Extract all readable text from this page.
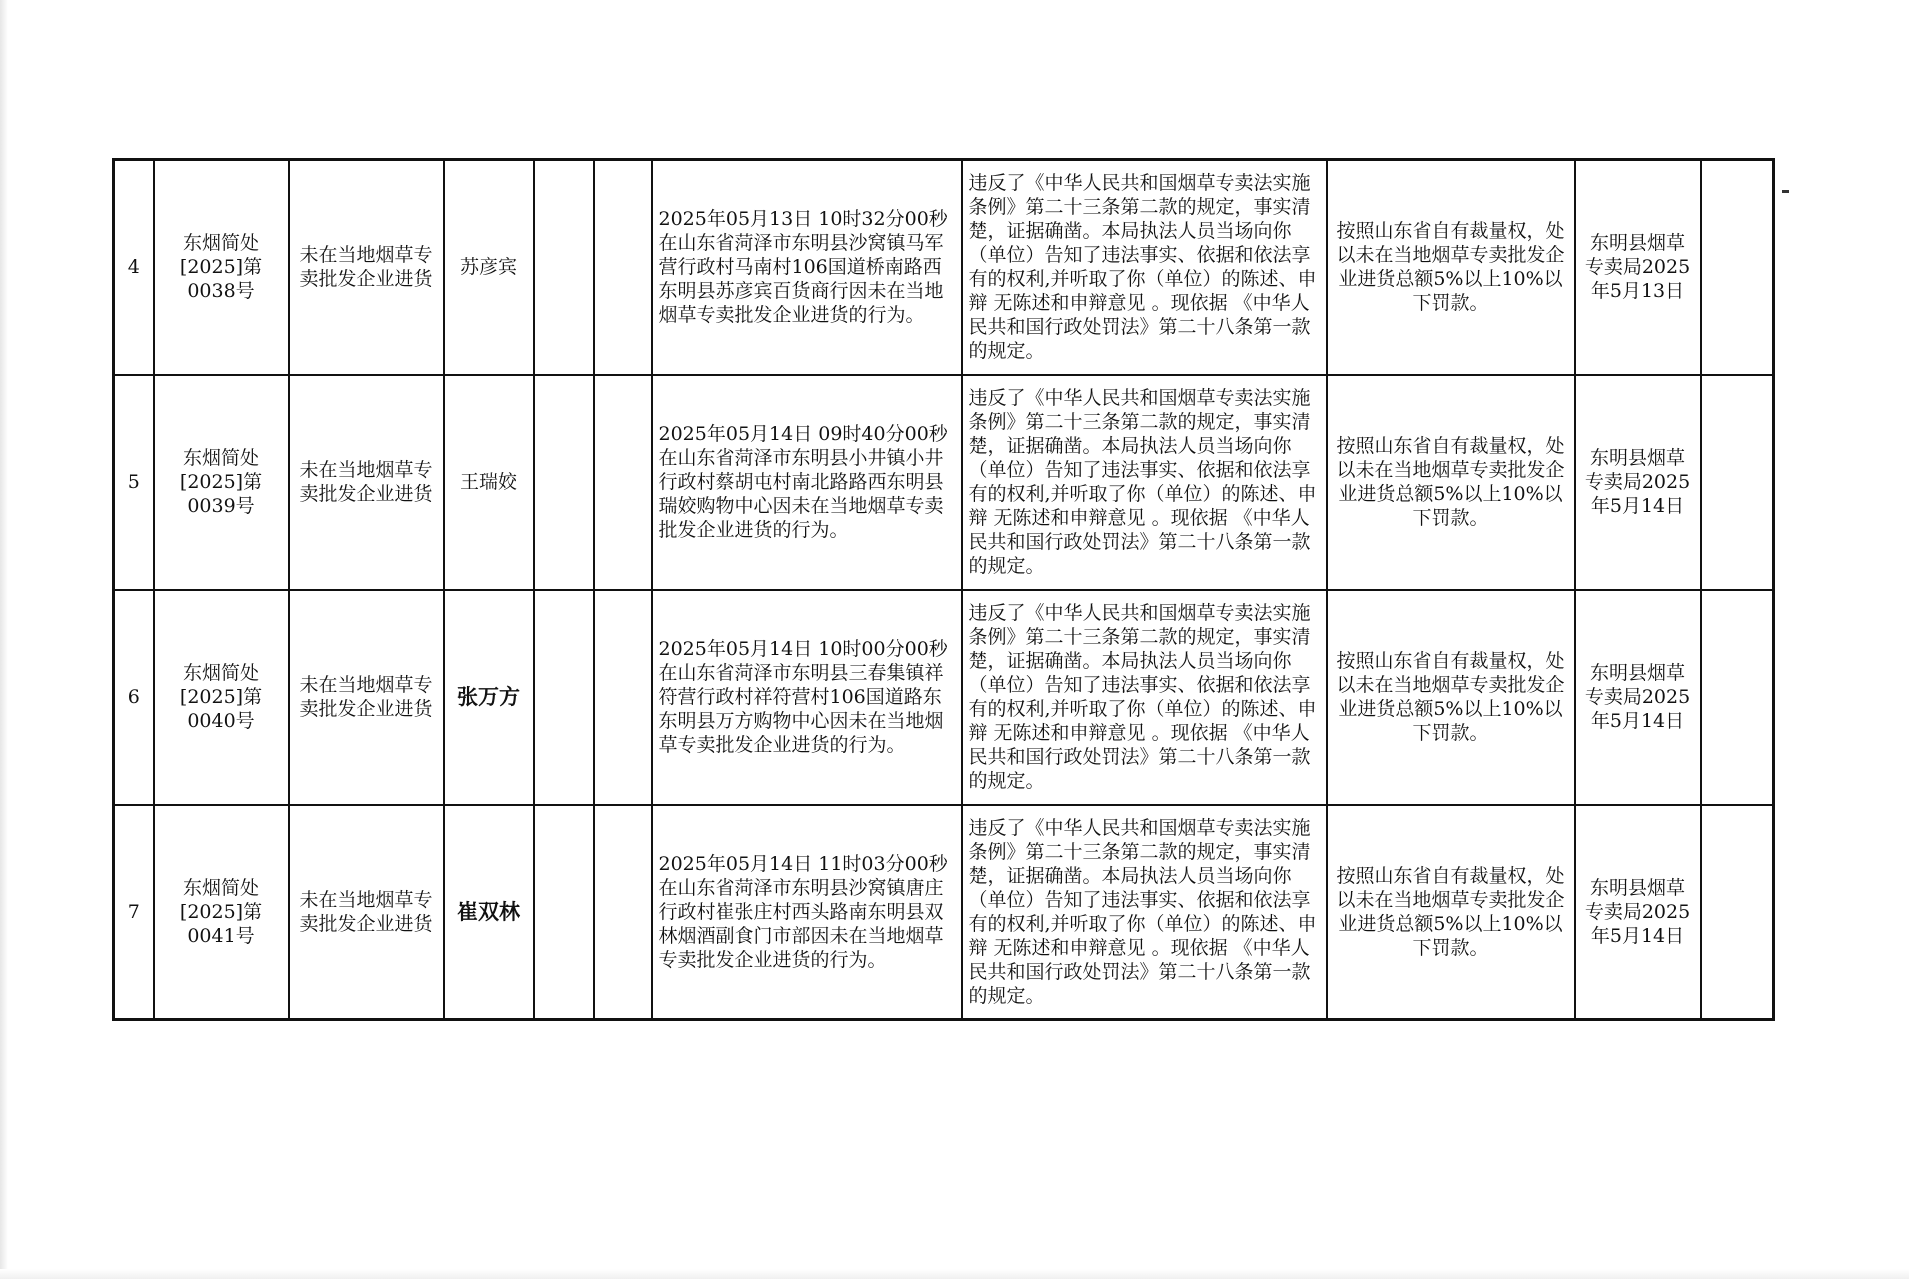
4	东烟简处[2025]第0038号	未在当地烟草专卖批发企业进货	苏彦宾			2025年05月13日 10时32分00秒在山东省菏泽市东明县沙窝镇马军营行政村马南村106国道桥南路西东明县苏彦宾百货商行因未在当地烟草专卖批发企业进货的行为。	违反了《中华人民共和国烟草专卖法实施条例》第二十三条第二款的规定，事实清楚，证据确凿。本局执法人员当场向你（单位）告知了违法事实、依据和依法享有的权利,并听取了你（单位）的陈述、申辩 无陈述和申辩意见 。现依据 《中华人民共和国行政处罚法》第二十八条第一款的规定。	按照山东省自有裁量权，处以未在当地烟草专卖批发企业进货总额5%以上10%以下罚款。	东明县烟草专卖局2025年5月13日	
5	东烟简处[2025]第0039号	未在当地烟草专卖批发企业进货	王瑞姣			2025年05月14日 09时40分00秒在山东省菏泽市东明县小井镇小井行政村蔡胡屯村南北路路西东明县瑞姣购物中心因未在当地烟草专卖批发企业进货的行为。	违反了《中华人民共和国烟草专卖法实施条例》第二十三条第二款的规定，事实清楚，证据确凿。本局执法人员当场向你（单位）告知了违法事实、依据和依法享有的权利,并听取了你（单位）的陈述、申辩 无陈述和申辩意见 。现依据 《中华人民共和国行政处罚法》第二十八条第一款的规定。	按照山东省自有裁量权，处以未在当地烟草专卖批发企业进货总额5%以上10%以下罚款。	东明县烟草专卖局2025年5月14日	
6	东烟简处[2025]第0040号	未在当地烟草专卖批发企业进货	张万方			2025年05月14日 10时00分00秒在山东省菏泽市东明县三春集镇祥符营行政村祥符营村106国道路东东明县万方购物中心因未在当地烟草专卖批发企业进货的行为。	违反了《中华人民共和国烟草专卖法实施条例》第二十三条第二款的规定，事实清楚，证据确凿。本局执法人员当场向你（单位）告知了违法事实、依据和依法享有的权利,并听取了你（单位）的陈述、申辩 无陈述和申辩意见 。现依据 《中华人民共和国行政处罚法》第二十八条第一款的规定。	按照山东省自有裁量权，处以未在当地烟草专卖批发企业进货总额5%以上10%以下罚款。	东明县烟草专卖局2025年5月14日	
7	东烟简处[2025]第0041号	未在当地烟草专卖批发企业进货	崔双林			2025年05月14日 11时03分00秒在山东省菏泽市东明县沙窝镇唐庄行政村崔张庄村西头路南东明县双林烟酒副食门市部因未在当地烟草专卖批发企业进货的行为。	违反了《中华人民共和国烟草专卖法实施条例》第二十三条第二款的规定，事实清楚，证据确凿。本局执法人员当场向你（单位）告知了违法事实、依据和依法享有的权利,并听取了你（单位）的陈述、申辩 无陈述和申辩意见 。现依据 《中华人民共和国行政处罚法》第二十八条第一款的规定。	按照山东省自有裁量权，处以未在当地烟草专卖批发企业进货总额5%以上10%以下罚款。	东明县烟草专卖局2025年5月14日	
